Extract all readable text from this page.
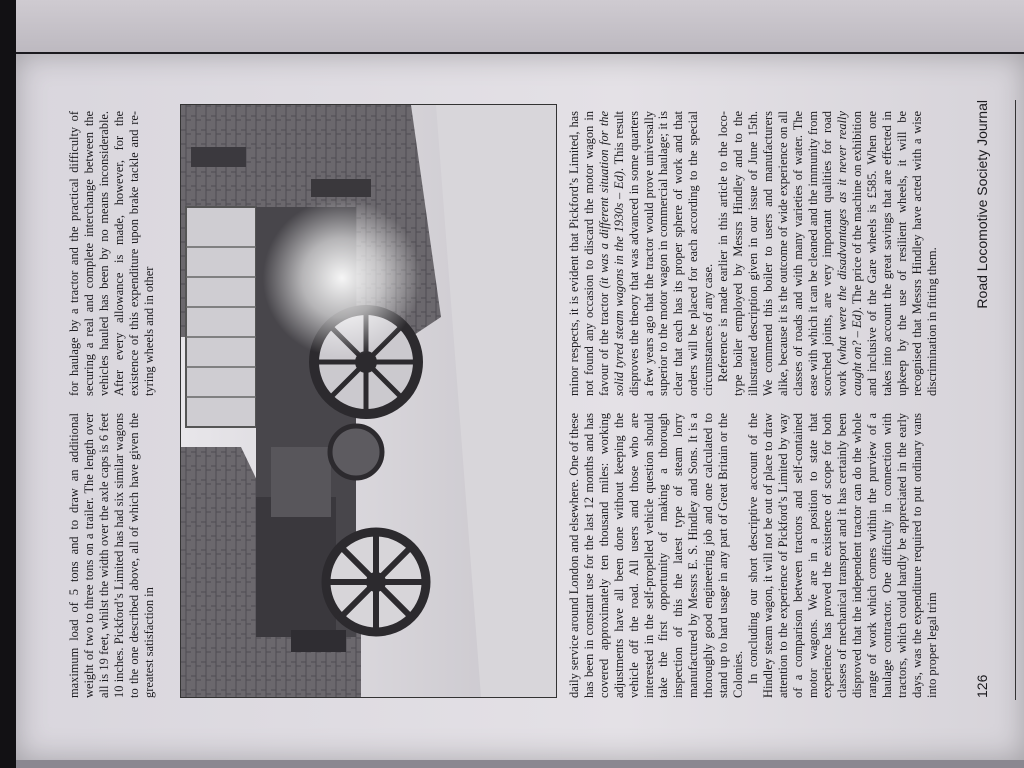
maximum load of 5 tons and to draw an additional weight of two to three tons on a trailer. The length over all is 19 feet, whilst the width over the axle caps is 6 feet 10 inches. Pickford’s Limited has had six similar wagons to the one described above, all of which have given the greatest satisfaction in

for haulage by a tractor and the practical difficulty of securing a real and complete interchange between the vehicles hauled has been by no means inconsiderable. After every allowance is made, however, for the existence of this expenditure upon brake tackle and re-tyring wheels and in other

daily service around London and elsewhere. One of these has been in constant use for the last 12 months and has covered approximately ten thousand miles: working adjustments have all been done without keeping the vehicle off the road. All users and those who are interested in the self-propelled vehicle question should take the first opportunity of making a thorough inspection of this the latest type of steam lorry manufactured by Messrs E. S. Hindley and Sons. It is a thoroughly good engineering job and one calculated to stand up to hard usage in any part of Great Britain or the Colonies. In concluding our short descriptive account of the Hindley steam wagon, it will not be out of place to draw attention to the experience of Pickford’s Limited by way of a comparison between tractors and self-contained motor wagons. We are in a position to state that experience has proved the existence of scope for both classes of mechanical transport and it has certainly been disproved that the independent tractor can do the whole range of work which comes within the purview of a haulage contractor. One difficulty in connection with tractors, which could hardly be appreciated in the early days, was the expenditure required to put ordinary vans into proper legal trim

minor respects, it is evident that Pickford’s Limited, has not found any occasion to discard the motor wagon in favour of the tractor (it was a different situation for the solid tyred steam wagons in the 1930s – Ed). This result disproves the theory that was advanced in some quarters a few years ago that the tractor would prove universally superior to the motor wagon in commercial haulage; it is clear that each has its proper sphere of work and that orders will be placed for each according to the special circumstances of any case. Reference is made earlier in this article to the loco-type boiler employed by Messrs Hindley and to the illustrated description given in our issue of June 15th. We commend this boiler to users and manufacturers alike, because it is the outcome of wide experience on all classes of roads and with many varieties of water. The ease with which it can be cleaned and the immunity from scorched joints, are very important qualities for road work (what were the disadvantages as it never really caught on? – Ed). The price of the machine on exhibition and inclusive of the Gare wheels is £585. When one takes into account the great savings that are effected in upkeep by the use of resilient wheels, it will be recognised that Messrs Hindley have acted with a wise discrimination in fitting them.

126
Road Locomotive Society Journal
